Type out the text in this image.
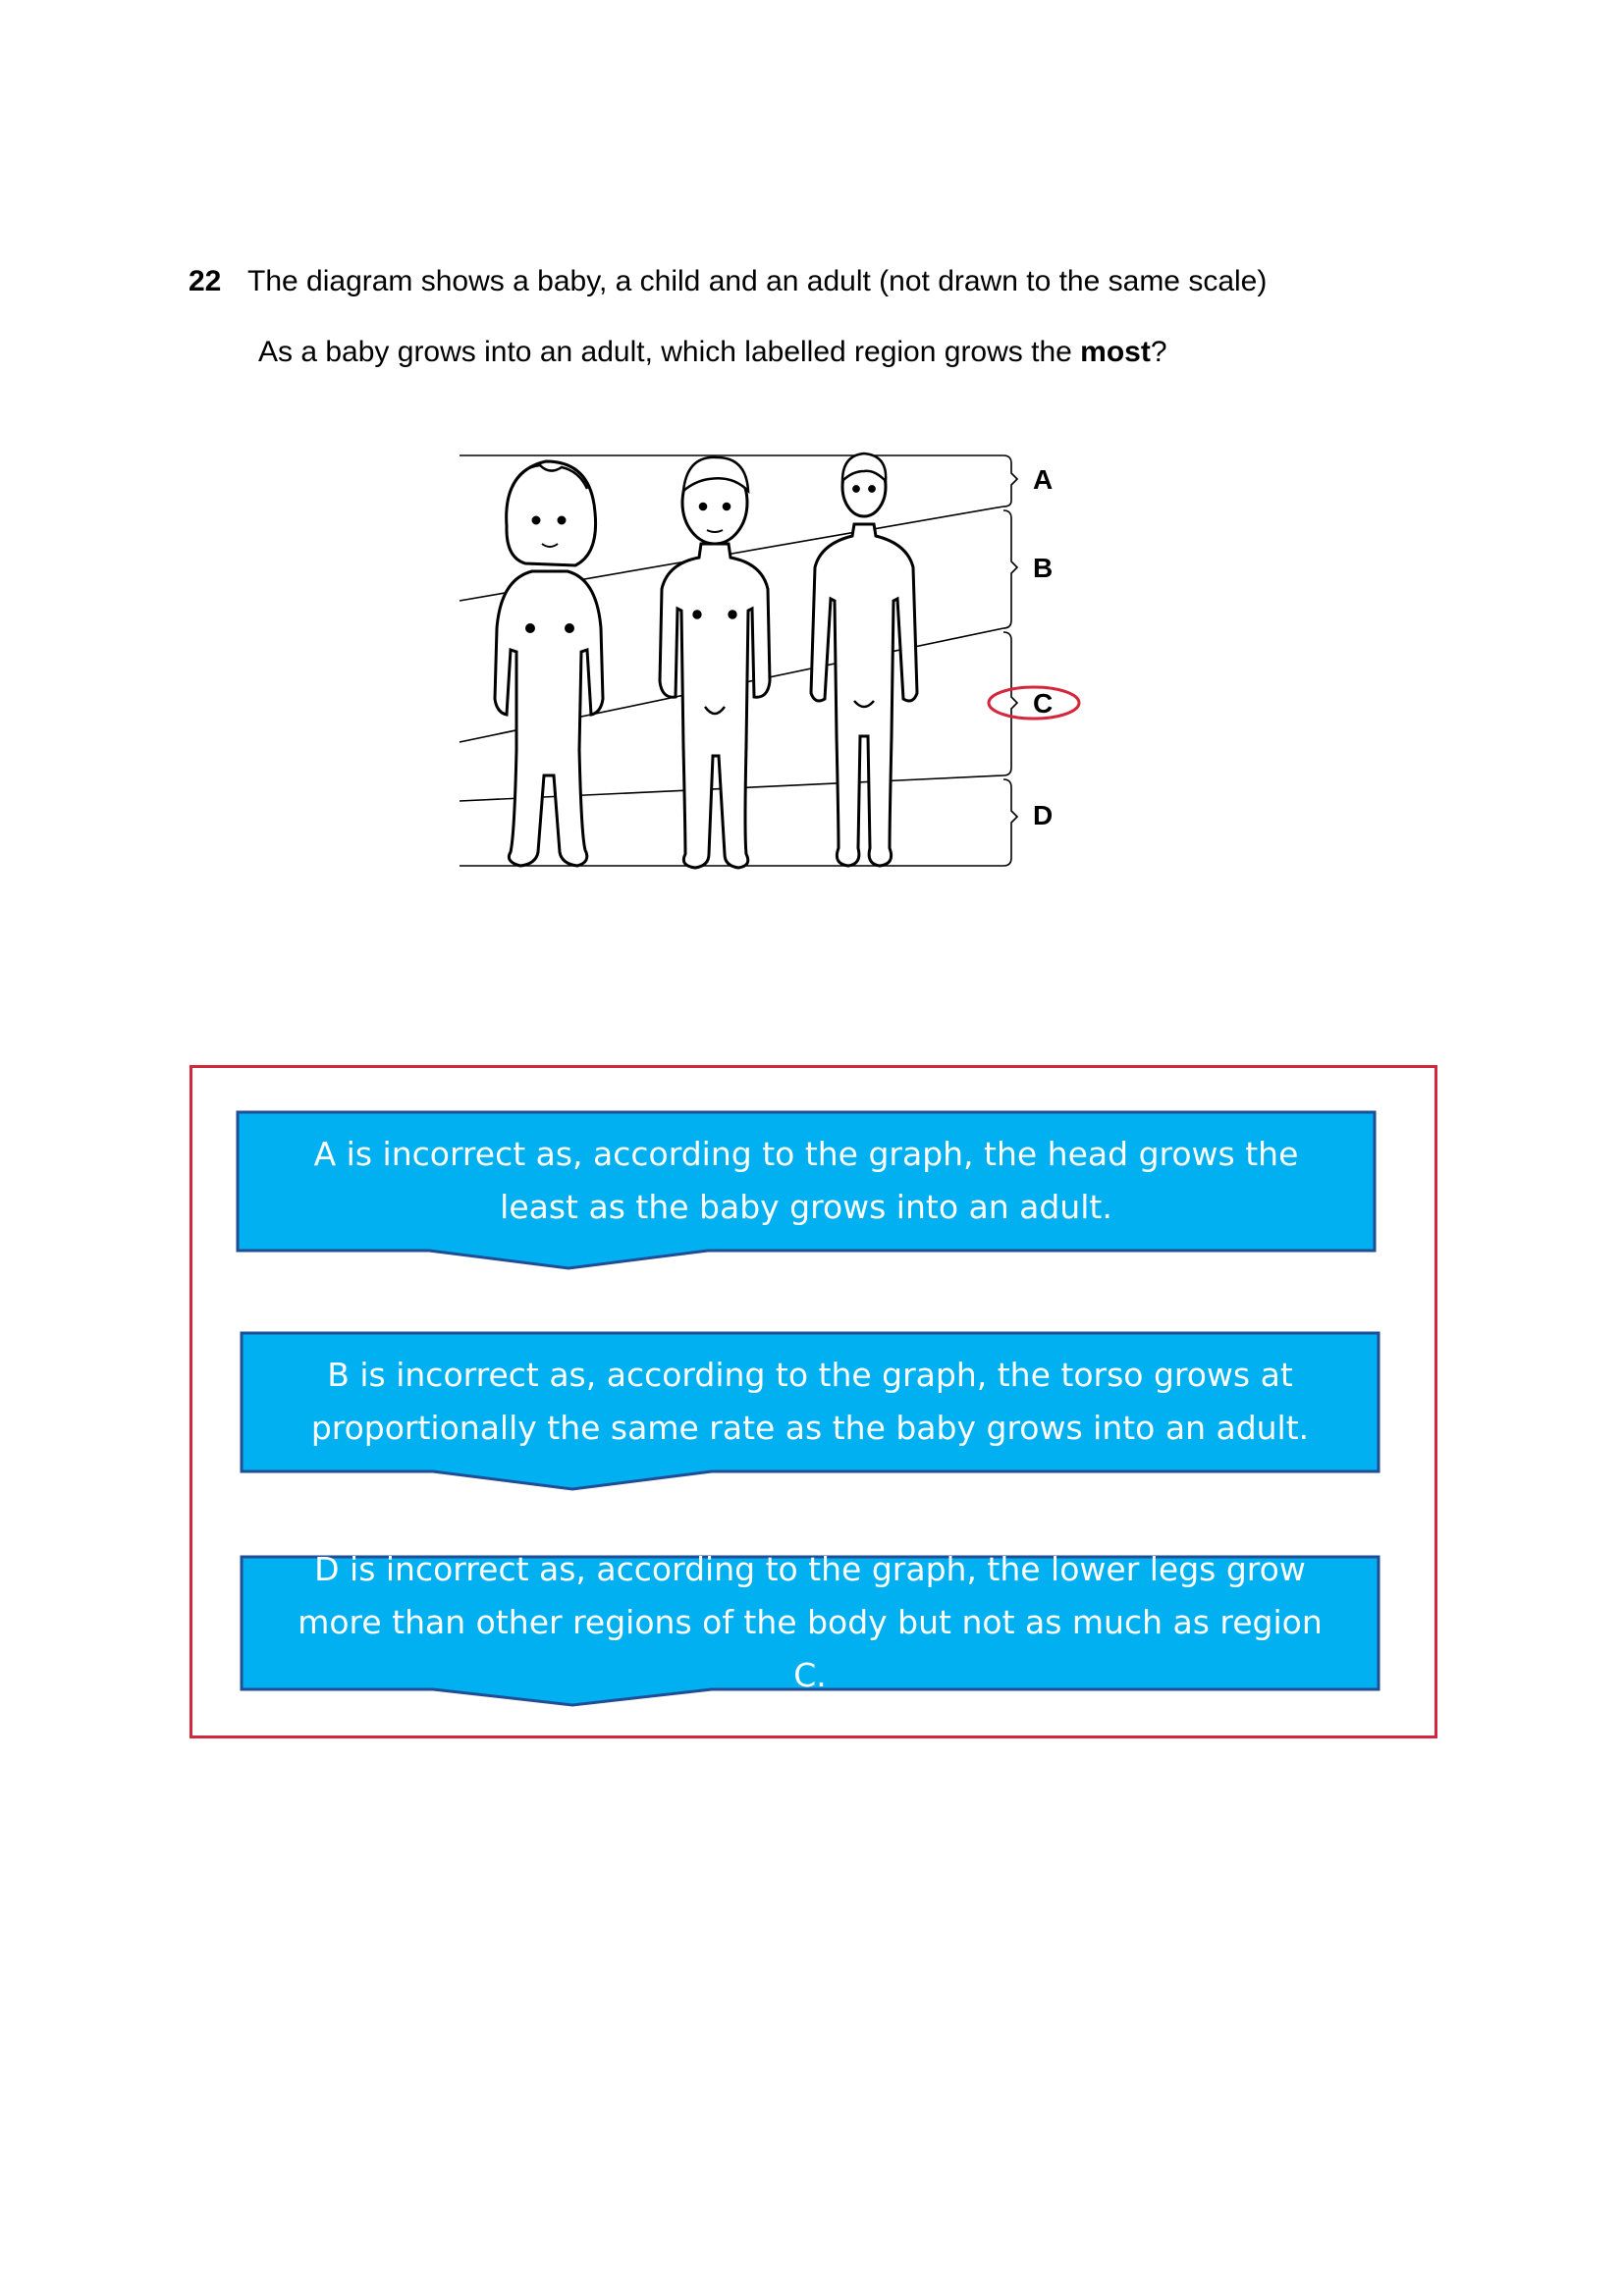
22 The diagram shows a baby, a child and an adult (not drawn to the same scale)
As a baby grows into an adult, which labelled region grows the most?
A
B
C
D
A is incorrect as, according to the graph, the head grows the least as the baby grows into an adult.
B is incorrect as, according to the graph, the torso grows at proportionally the same rate as the baby grows into an adult.
D is incorrect as, according to the graph, the lower legs grow more than other regions of the body but not as much as region C.
